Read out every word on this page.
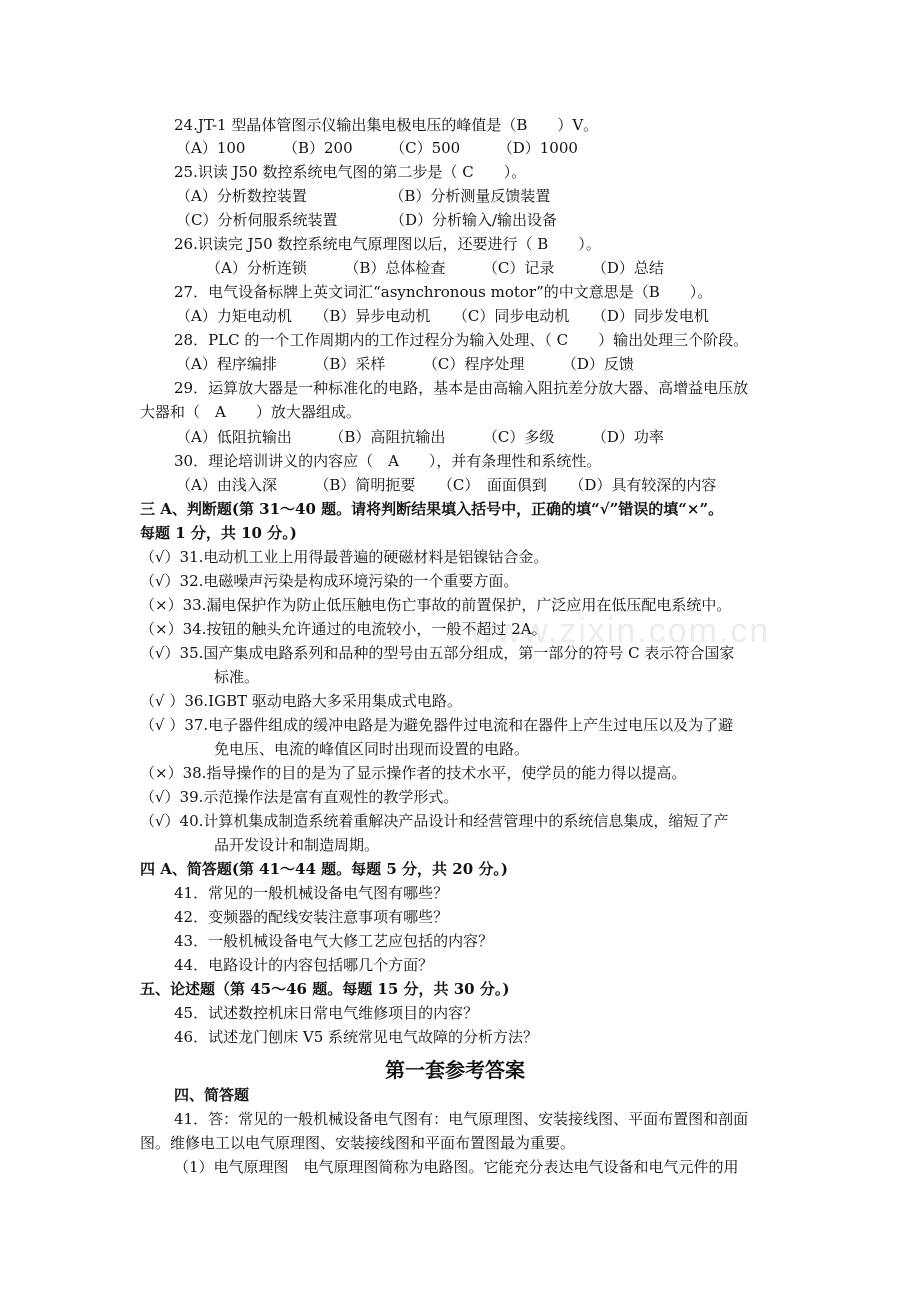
www.zixin.com.cn
24.JT-1 型晶体管图示仪输出集电极电压的峰值是（B　　）V。
（A）100　　　（B）200　　　（C）500　　　（D）1000
25.识读 J50 数控系统电气图的第二步是（ C　　）。
（A）分析数控装置　　　　　　（B）分析测量反馈装置
（C）分析伺服系统装置　　　　（D）分析输入/输出设备
26.识读完 J50 数控系统电气原理图以后，还要进行（ B　　）。
（A）分析连锁　　　（B）总体检查　　　（C）记录　　　（D）总结
27．电气设备标牌上英文词汇“asynchronous motor”的中文意思是（B　　）。
（A）力矩电动机　　（B）异步电动机　　（C）同步电动机　　（D）同步发电机
28．PLC 的一个工作周期内的工作过程分为输入处理、（ C　　）输出处理三个阶段。
（A）程序编排　　　（B）采样　　　（C）程序处理　　　（D）反馈
29．运算放大器是一种标准化的电路，基本是由高输入阻抗差分放大器、高增益电压放
大器和（　A　　）放大器组成。
（A）低阻抗输出　　　（B）高阻抗输出　　　（C）多级　　　（D）功率
30．理论培训讲义的内容应（　A　　），并有条理性和系统性。
（A）由浅入深　　　（B）简明扼要　　（C）　面面俱到　　（D）具有较深的内容
三 A、判断题(第 31～40 题。请将判断结果填入括号中，正确的填“√”错误的填“×”。
每题 1 分，共 10 分。)
（√）31.电动机工业上用得最普遍的硬磁材料是铝镍钴合金。
（√）32.电磁噪声污染是构成环境污染的一个重要方面。
（×）33.漏电保护作为防止低压触电伤亡事故的前置保护，广泛应用在低压配电系统中。
（×）34.按钮的触头允许通过的电流较小，一般不超过 2A。
（√）35.国产集成电路系列和品种的型号由五部分组成，第一部分的符号 C 表示符合国家
标准。
（√ ）36.IGBT 驱动电路大多采用集成式电路。
（√ ）37.电子器件组成的缓冲电路是为避免器件过电流和在器件上产生过电压以及为了避
免电压、电流的峰值区同时出现而设置的电路。
（×）38.指导操作的目的是为了显示操作者的技术水平，使学员的能力得以提高。
（√）39.示范操作法是富有直观性的教学形式。
（√）40.计算机集成制造系统着重解决产品设计和经营管理中的系统信息集成，缩短了产
品开发设计和制造周期。
四 A、简答题(第 41～44 题。每题 5 分，共 20 分。)
41．常见的一般机械设备电气图有哪些？
42．变频器的配线安装注意事项有哪些？
43．一般机械设备电气大修工艺应包括的内容？
44．电路设计的内容包括哪几个方面？
五、论述题（第 45～46 题。每题 15 分，共 30 分。)
45．试述数控机床日常电气维修项目的内容？
46．试述龙门刨床 V5 系统常见电气故障的分析方法？
第一套参考答案
四、简答题
41．答：常见的一般机械设备电气图有：电气原理图、安装接线图、平面布置图和剖面
图。维修电工以电气原理图、安装接线图和平面布置图最为重要。
（1）电气原理图　电气原理图简称为电路图。它能充分表达电气设备和电气元件的用
